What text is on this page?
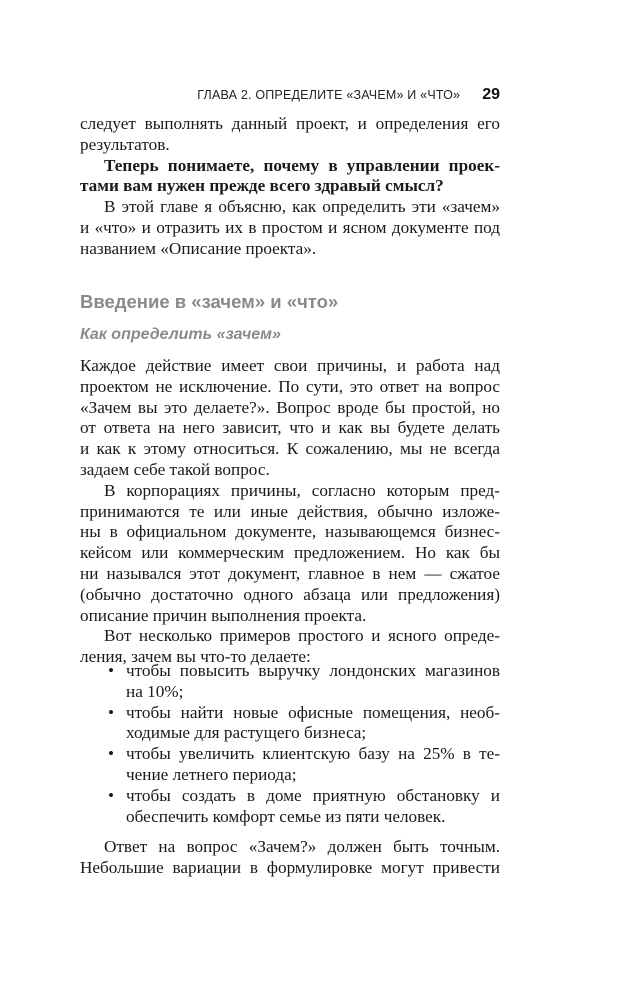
ГЛАВА 2. ОПРЕДЕЛИТЕ «ЗАЧЕМ» И «ЧТО» 29
следует выполнять данный проект, и определения его
результатов.
Теперь понимаете, почему в управлении проек-
тами вам нужен прежде всего здравый смысл?
В этой главе я объясню, как определить эти «зачем»
и «что» и отразить их в простом и ясном документе под
названием «Описание проекта».
Введение в «зачем» и «что»
Как определить «зачем»
Каждое действие имеет свои причины, и работа над
проектом не исключение. По сути, это ответ на вопрос
«Зачем вы это делаете?». Вопрос вроде бы простой, но
от ответа на него зависит, что и как вы будете делать
и как к этому относиться. К сожалению, мы не всегда
задаем себе такой вопрос.
В корпорациях причины, согласно которым пред-
принимаются те или иные действия, обычно изложе-
ны в официальном документе, называющемся бизнес-
кейсом или коммерческим предложением. Но как бы
ни назывался этот документ, главное в нем — сжатое
(обычно достаточно одного абзаца или предложения)
описание причин выполнения проекта.
Вот несколько примеров простого и ясного опреде-
ления, зачем вы что-то делаете:
• чтобы повысить выручку лондонских магазинов
на 10%;
• чтобы найти новые офисные помещения, необ-
ходимые для растущего бизнеса;
• чтобы увеличить клиентскую базу на 25% в те-
чение летнего периода;
• чтобы создать в доме приятную обстановку и
обеспечить комфорт семье из пяти человек.
Ответ на вопрос «Зачем?» должен быть точным.
Небольшие вариации в формулировке могут привести
